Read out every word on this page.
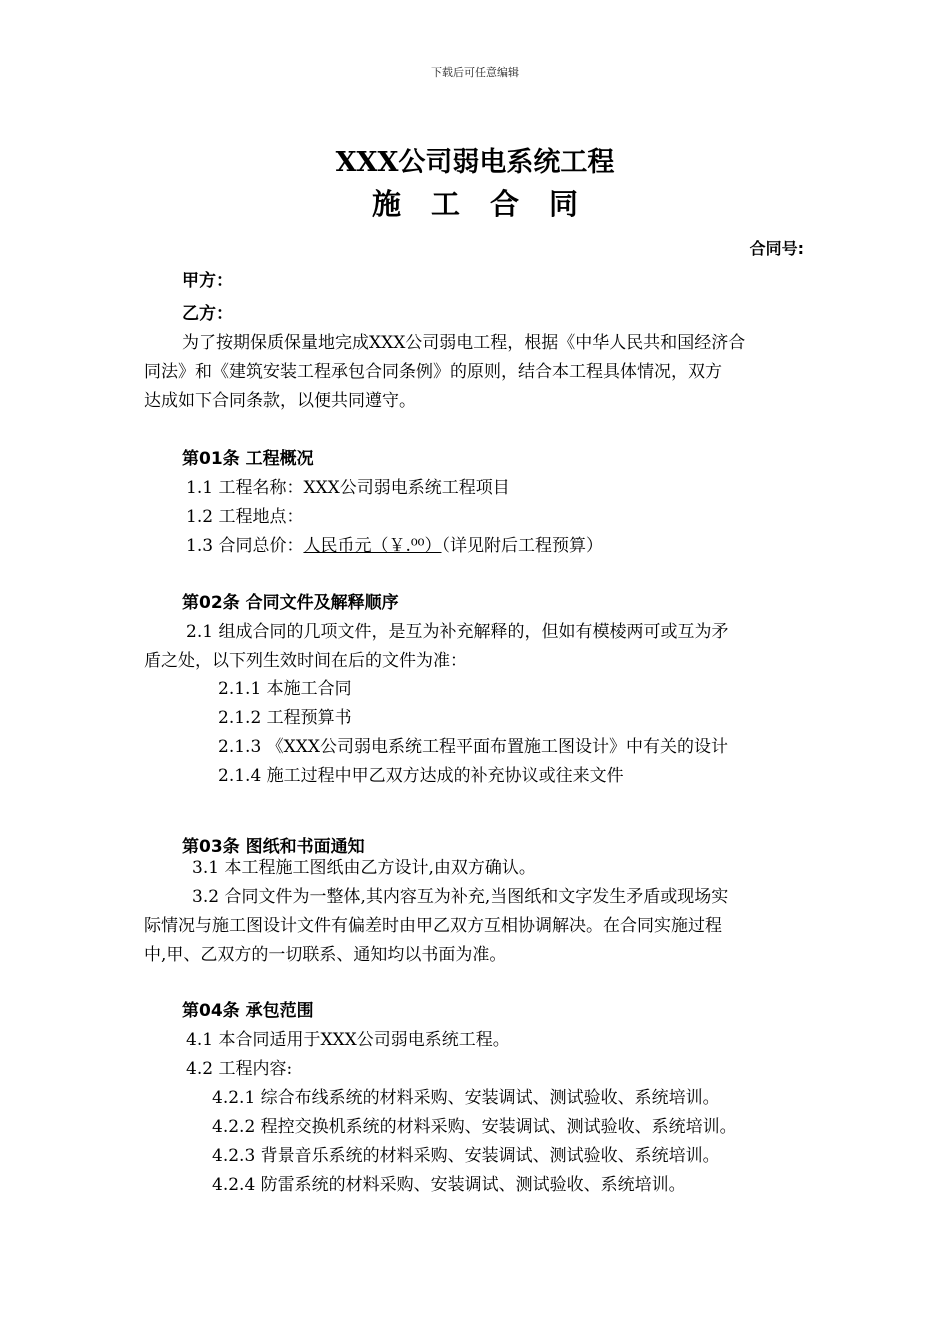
下载后可任意编辑
XXX公司弱电系统工程
施工合同
合同号:
甲方：
乙方：
为了按期保质保量地完成XXX公司弱电工程，根据《中华人民共和国经济合
同法》和《建筑安装工程承包合同条例》的原则，结合本工程具体情况，双方
达成如下合同条款，以便共同遵守。
第01条 工程概况
1.1 工程名称：XXX公司弱电系统工程项目
1.2 工程地点：
1.3 合同总价：人民币元（￥.⁰⁰）（详见附后工程预算）
第02条 合同文件及解释顺序
2.1 组成合同的几项文件，是互为补充解释的，但如有模棱两可或互为矛
盾之处，以下列生效时间在后的文件为准：
2.1.1 本施工合同
2.1.2 工程预算书
2.1.3 《XXX公司弱电系统工程平面布置施工图设计》中有关的设计
2.1.4 施工过程中甲乙双方达成的补充协议或往来文件
第03条 图纸和书面通知
3.1 本工程施工图纸由乙方设计,由双方确认。
3.2 合同文件为一整体,其内容互为补充,当图纸和文字发生矛盾或现场实
际情况与施工图设计文件有偏差时由甲乙双方互相协调解决。在合同实施过程
中,甲、乙双方的一切联系、通知均以书面为准。
第04条 承包范围
4.1 本合同适用于XXX公司弱电系统工程。
4.2 工程内容:
4.2.1 综合布线系统的材料采购、安装调试、测试验收、系统培训。
4.2.2 程控交换机系统的材料采购、安装调试、测试验收、系统培训。
4.2.3 背景音乐系统的材料采购、安装调试、测试验收、系统培训。
4.2.4 防雷系统的材料采购、安装调试、测试验收、系统培训。
